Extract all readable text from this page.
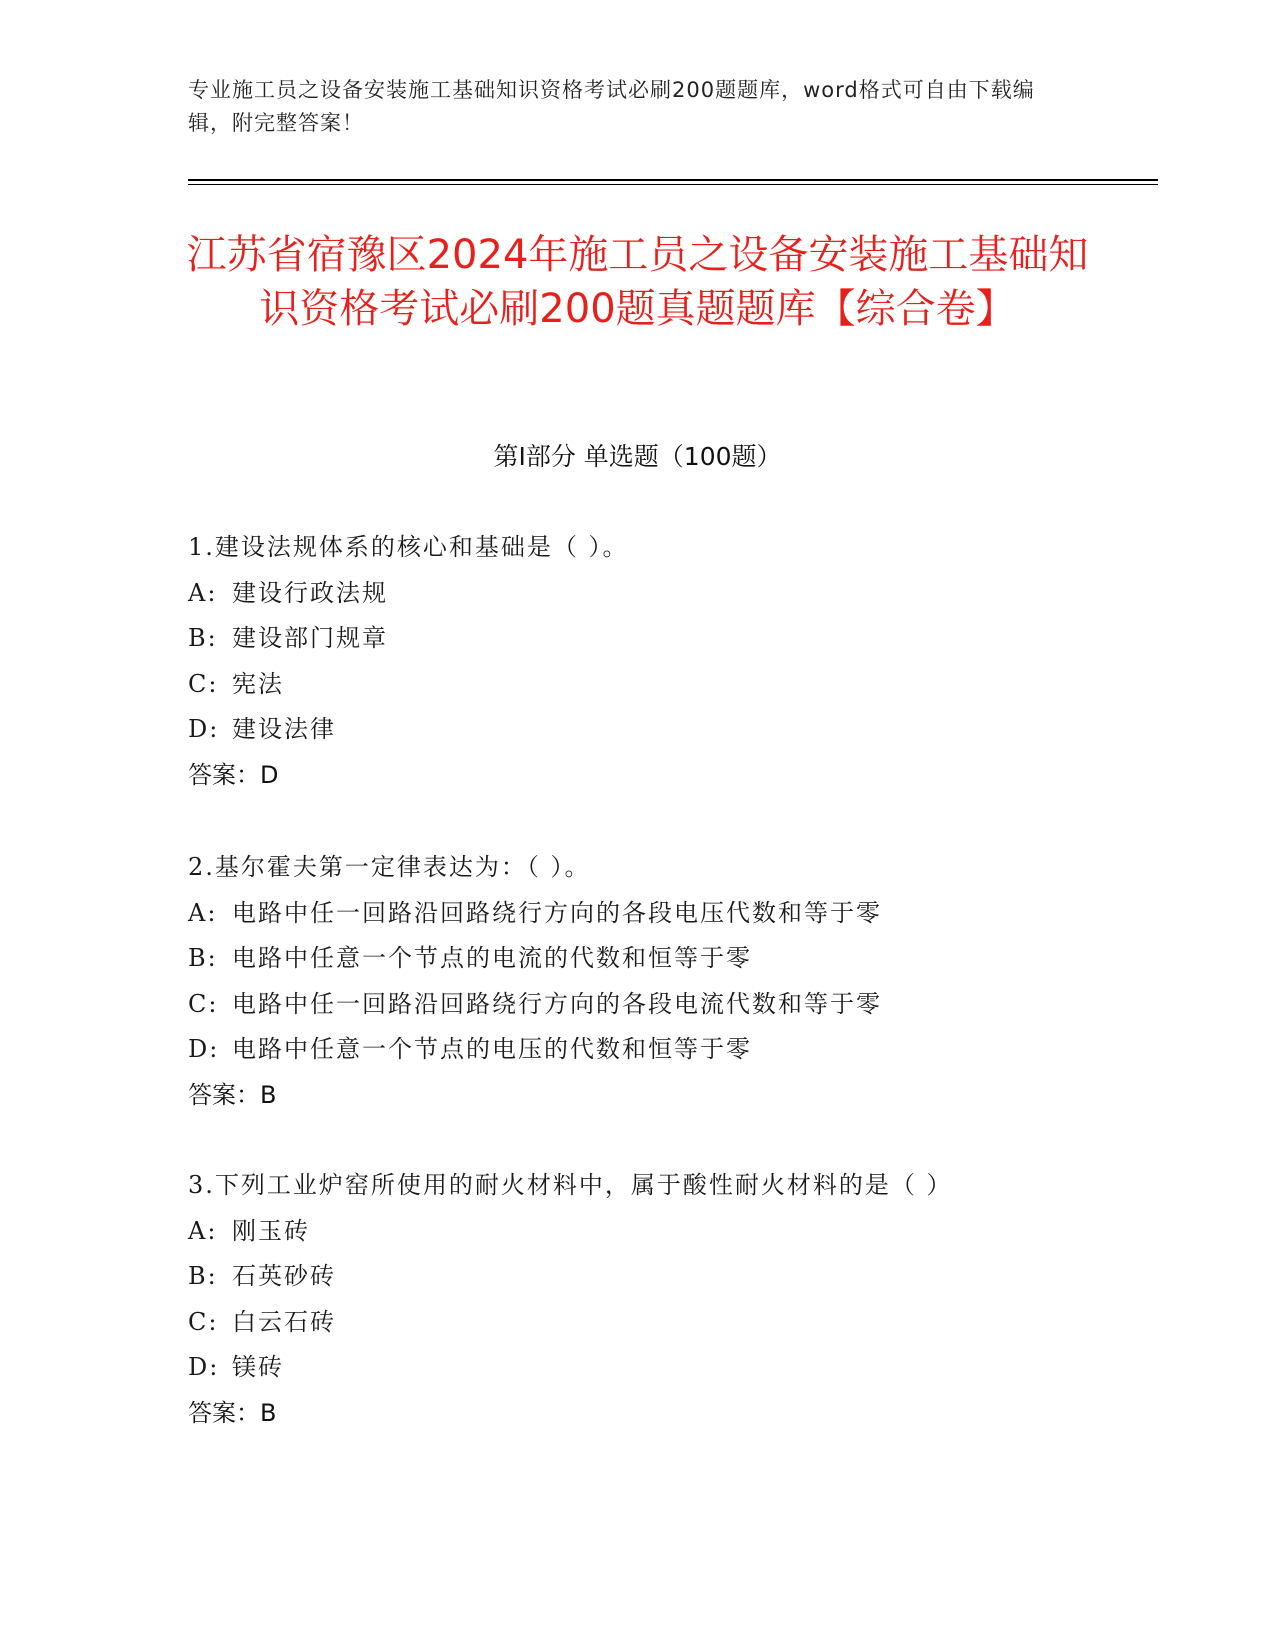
专业施工员之设备安装施工基础知识资格考试必刷200题题库，word格式可自由下载编辑，附完整答案！
江苏省宿豫区2024年施工员之设备安装施工基础知识资格考试必刷200题真题题库【综合卷】
第Ⅰ部分 单选题（100题）
1.建设法规体系的核心和基础是（ ）。
A: 建设行政法规
B: 建设部门规章
C: 宪法
D: 建设法律
答案：D
2.基尔霍夫第一定律表达为：（ ）。
A: 电路中任一回路沿回路绕行方向的各段电压代数和等于零
B: 电路中任意一个节点的电流的代数和恒等于零
C: 电路中任一回路沿回路绕行方向的各段电流代数和等于零
D: 电路中任意一个节点的电压的代数和恒等于零
答案：B
3.下列工业炉窑所使用的耐火材料中，属于酸性耐火材料的是（ ）
A: 刚玉砖
B: 石英砂砖
C: 白云石砖
D: 镁砖
答案：B
